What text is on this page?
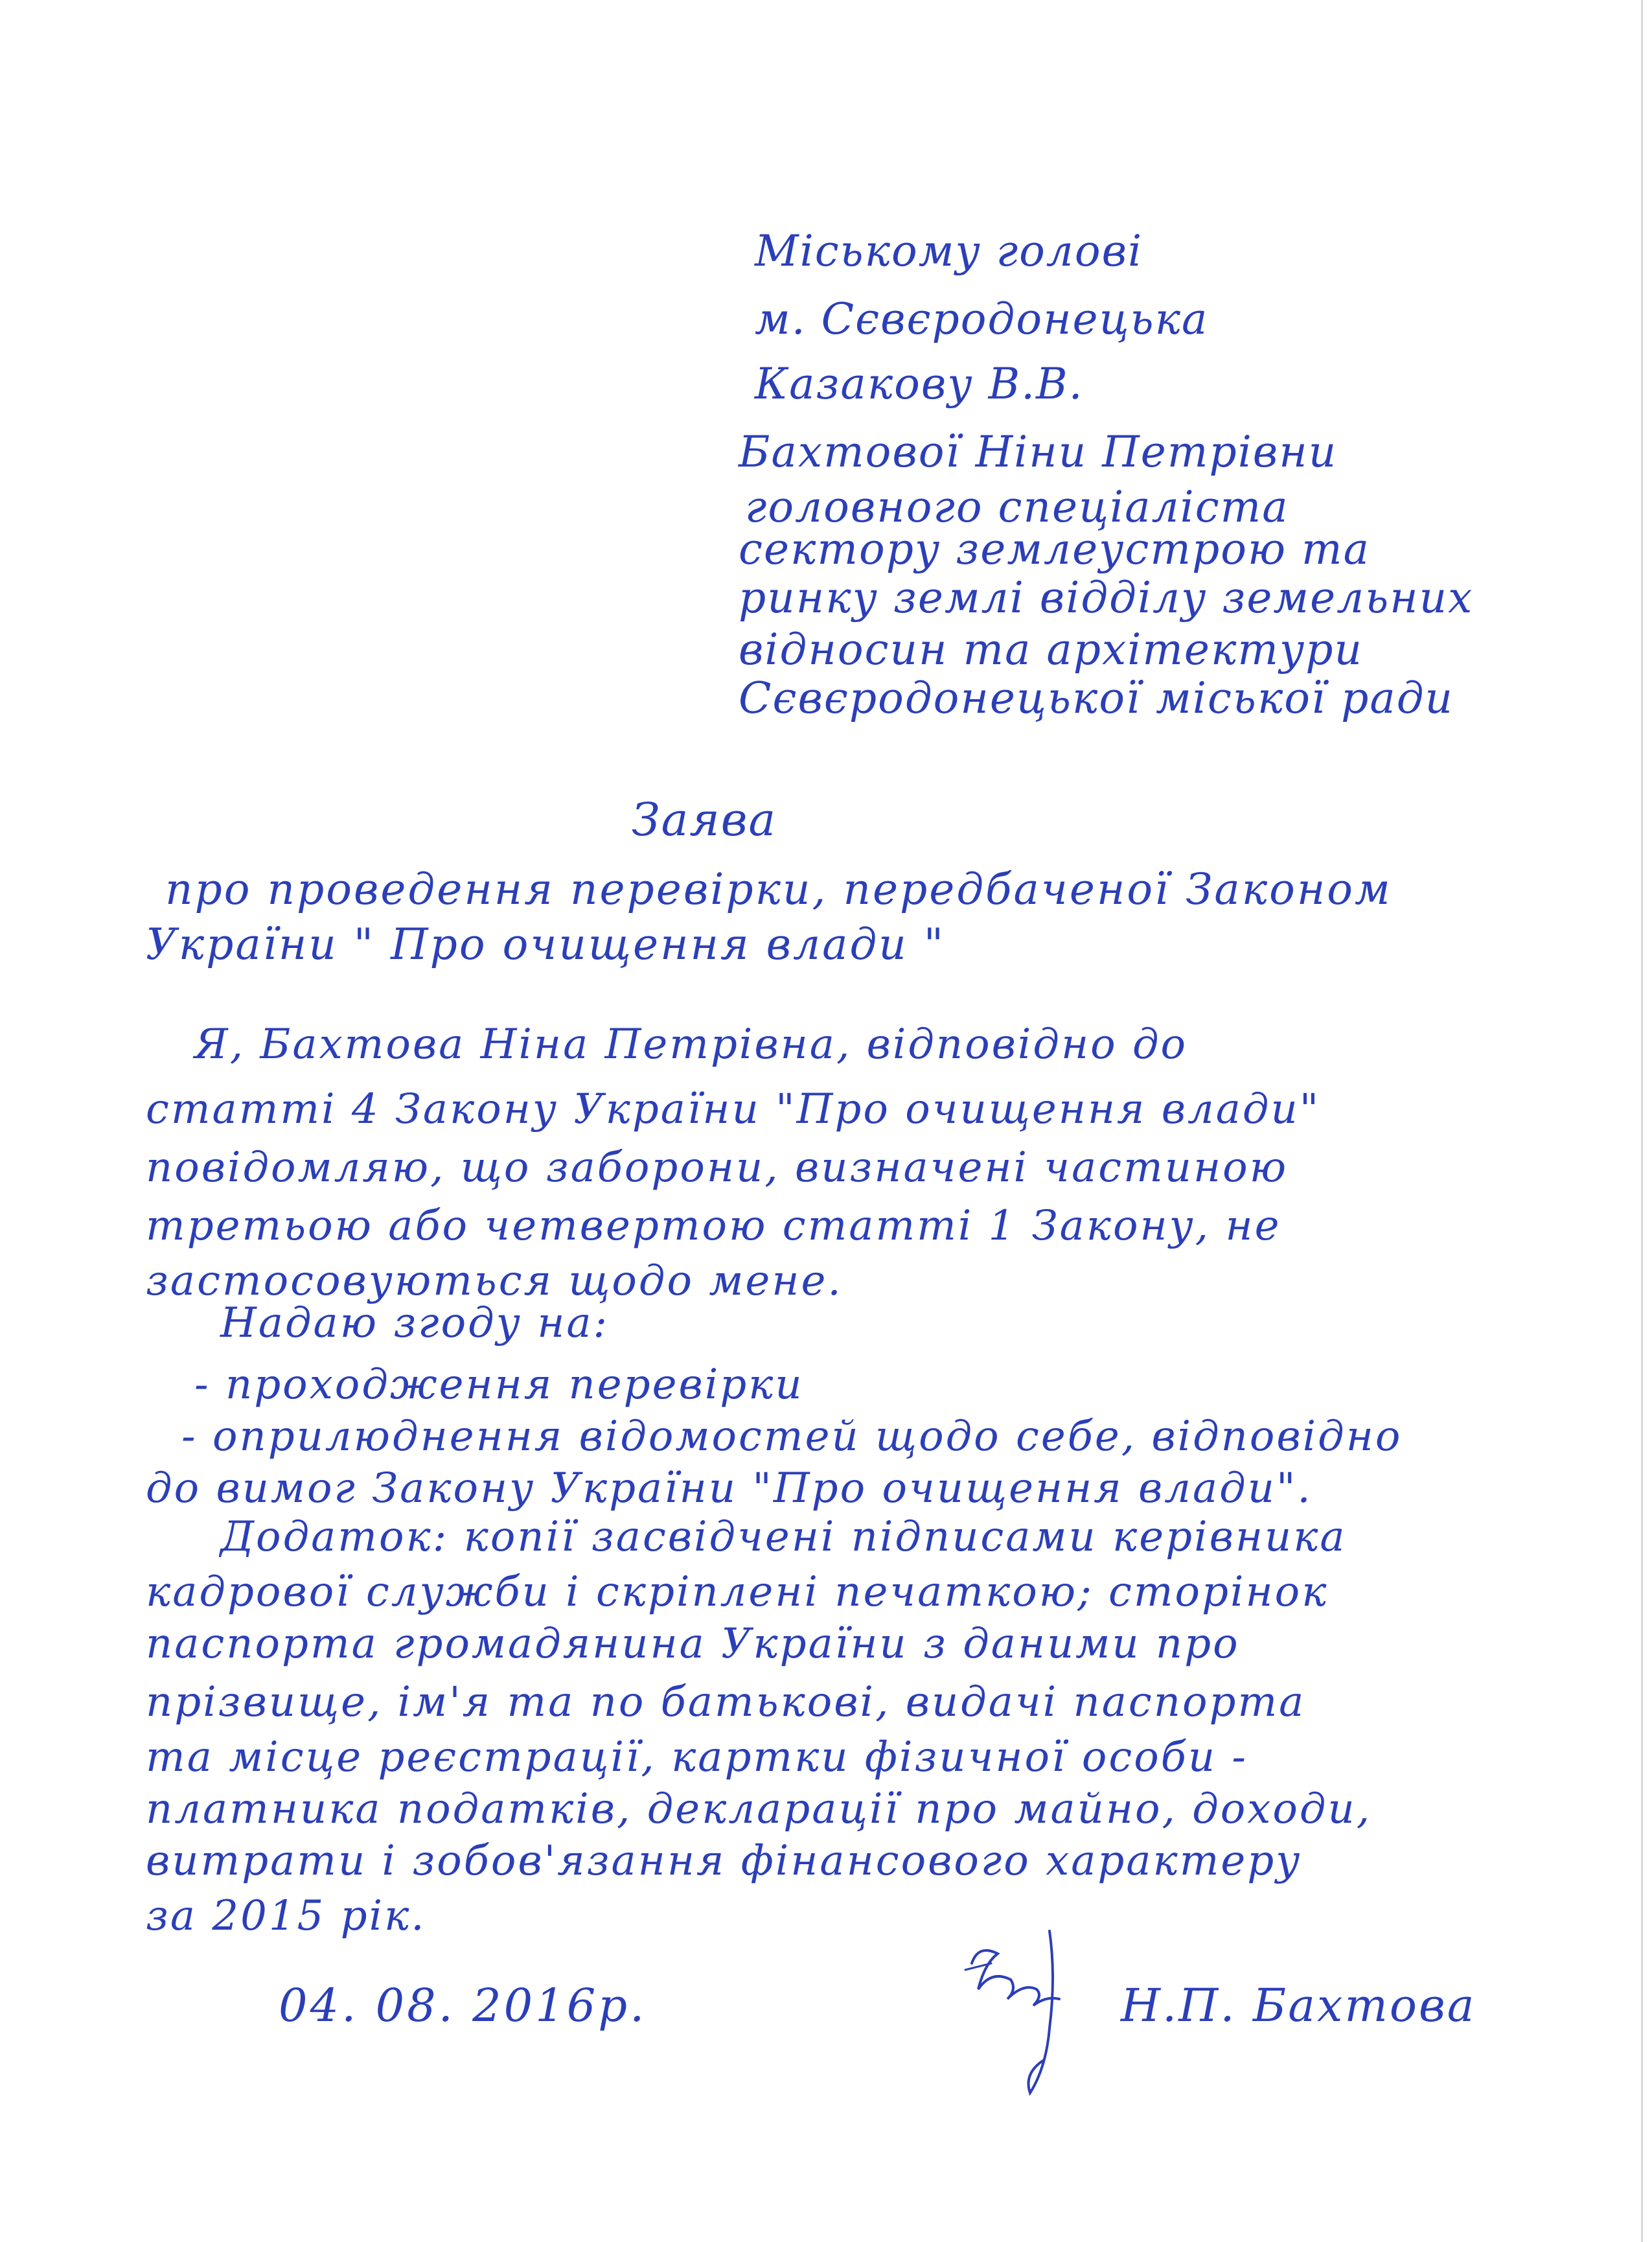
Міському голові
м. Сєвєродонецька
Казакову В.В.
Бахтової Ніни Петрівни
головного спеціаліста
сектору землеустрою та
ринку землі відділу земельних
відносин та архітектури
Сєвєродонецької міської ради
Заява
про проведення перевірки, передбаченої Законом
України " Про очищення влади "
Я, Бахтова Ніна Петрівна, відповідно до
статті 4 Закону України "Про очищення влади"
повідомляю, що заборони, визначені частиною
третьою або четвертою статті 1 Закону, не
застосовуються щодо мене.
Надаю згоду на:
- проходження перевірки
- оприлюднення відомостей щодо себе, відповідно
до вимог Закону України "Про очищення влади".
Додаток: копії засвідчені підписами керівника
кадрової служби і скріплені печаткою; сторінок
паспорта громадянина України з даними про
прізвище, ім'я та по батькові, видачі паспорта
та місце реєстрації, картки фізичної особи -
платника податків, декларації про майно, доходи,
витрати і зобов'язання фінансового характеру
за 2015 рік.
04. 08. 2016р.	Н.П. Бахтова
